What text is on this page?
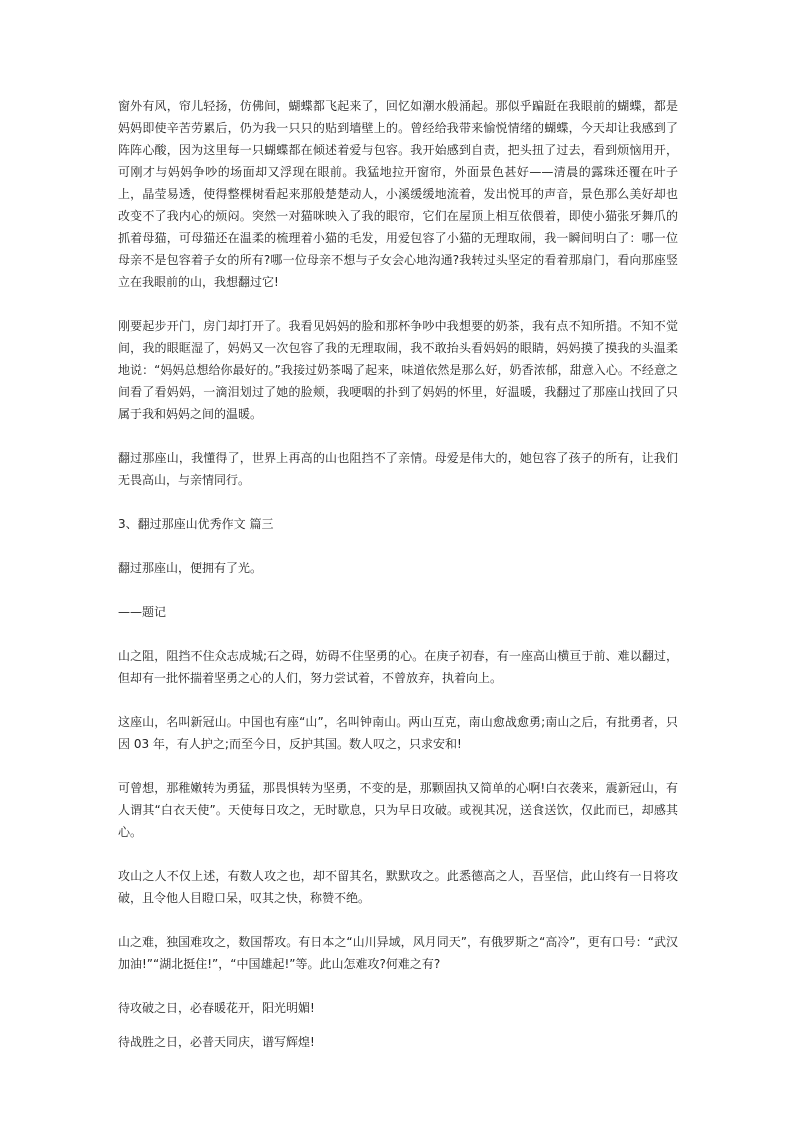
窗外有风，帘儿轻扬，仿佛间，蝴蝶都飞起来了，回忆如潮水般涌起。那似乎蹁跹在我眼前的蝴蝶，都是妈妈即使辛苦劳累后，仍为我一只只的贴到墙壁上的。曾经给我带来愉悦情绪的蝴蝶，今天却让我感到了阵阵心酸，因为这里每一只蝴蝶都在倾述着爱与包容。我开始感到自责，把头扭了过去，看到烦恼用开，可刚才与妈妈争吵的场面却又浮现在眼前。我猛地拉开窗帘，外面景色甚好——清晨的露珠还覆在叶子上，晶莹易透，使得整棵树看起来那般楚楚动人，小溪缓缓地流着，发出悦耳的声音，景色那么美好却也改变不了我内心的烦闷。突然一对猫咪映入了我的眼帘，它们在屋顶上相互依偎着，即使小猫张牙舞爪的抓着母猫，可母猫还在温柔的梳理着小猫的毛发，用爱包容了小猫的无理取闹，我一瞬间明白了：哪一位母亲不是包容着子女的所有?哪一位母亲不想与子女会心地沟通?我转过头坚定的看着那扇门，看向那座竖立在我眼前的山，我想翻过它!

刚要起步开门，房门却打开了。我看见妈妈的脸和那杯争吵中我想要的奶茶，我有点不知所措。不知不觉间，我的眼眶湿了，妈妈又一次包容了我的无理取闹，我不敢抬头看妈妈的眼睛，妈妈摸了摸我的头温柔地说：“妈妈总想给你最好的。”我接过奶茶喝了起来，味道依然是那么好，奶香浓郁，甜意入心。不经意之间看了看妈妈，一滴泪划过了她的脸颊，我哽咽的扑到了妈妈的怀里，好温暖，我翻过了那座山找回了只属于我和妈妈之间的温暖。

翻过那座山，我懂得了，世界上再高的山也阻挡不了亲情。母爱是伟大的，她包容了孩子的所有，让我们无畏高山，与亲情同行。

3、翻过那座山优秀作文 篇三

翻过那座山，便拥有了光。

——题记

山之阻，阻挡不住众志成城;石之碍，妨碍不住坚勇的心。在庚子初春，有一座高山横亘于前、难以翻过，但却有一批怀揣着坚勇之心的人们，努力尝试着，不曾放弃，执着向上。

这座山，名叫新冠山。中国也有座“山”，名叫钟南山。两山互克，南山愈战愈勇;南山之后，有批勇者，只因 03 年，有人护之;而至今日，反护其国。数人叹之，只求安和!

可曾想，那稚嫩转为勇猛，那畏惧转为坚勇，不变的是，那颗固执又简单的心啊!白衣袭来，震新冠山，有人谓其“白衣天使”。天使每日攻之，无时歇息，只为早日攻破。或视其况，送食送饮，仅此而已，却感其心。

攻山之人不仅上述，有数人攻之也，却不留其名，默默攻之。此悉德高之人，吾坚信，此山终有一日将攻破，且令他人目瞪口呆，叹其之快，称赞不绝。

山之难，独国难攻之，数国帮攻。有日本之“山川异域，风月同天”，有俄罗斯之“高冷”，更有口号：“武汉加油!”“湖北挺住!”，“中国雄起!”等。此山怎难攻?何难之有?

待攻破之日，必春暖花开，阳光明媚!

待战胜之日，必普天同庆，谱写辉煌!
